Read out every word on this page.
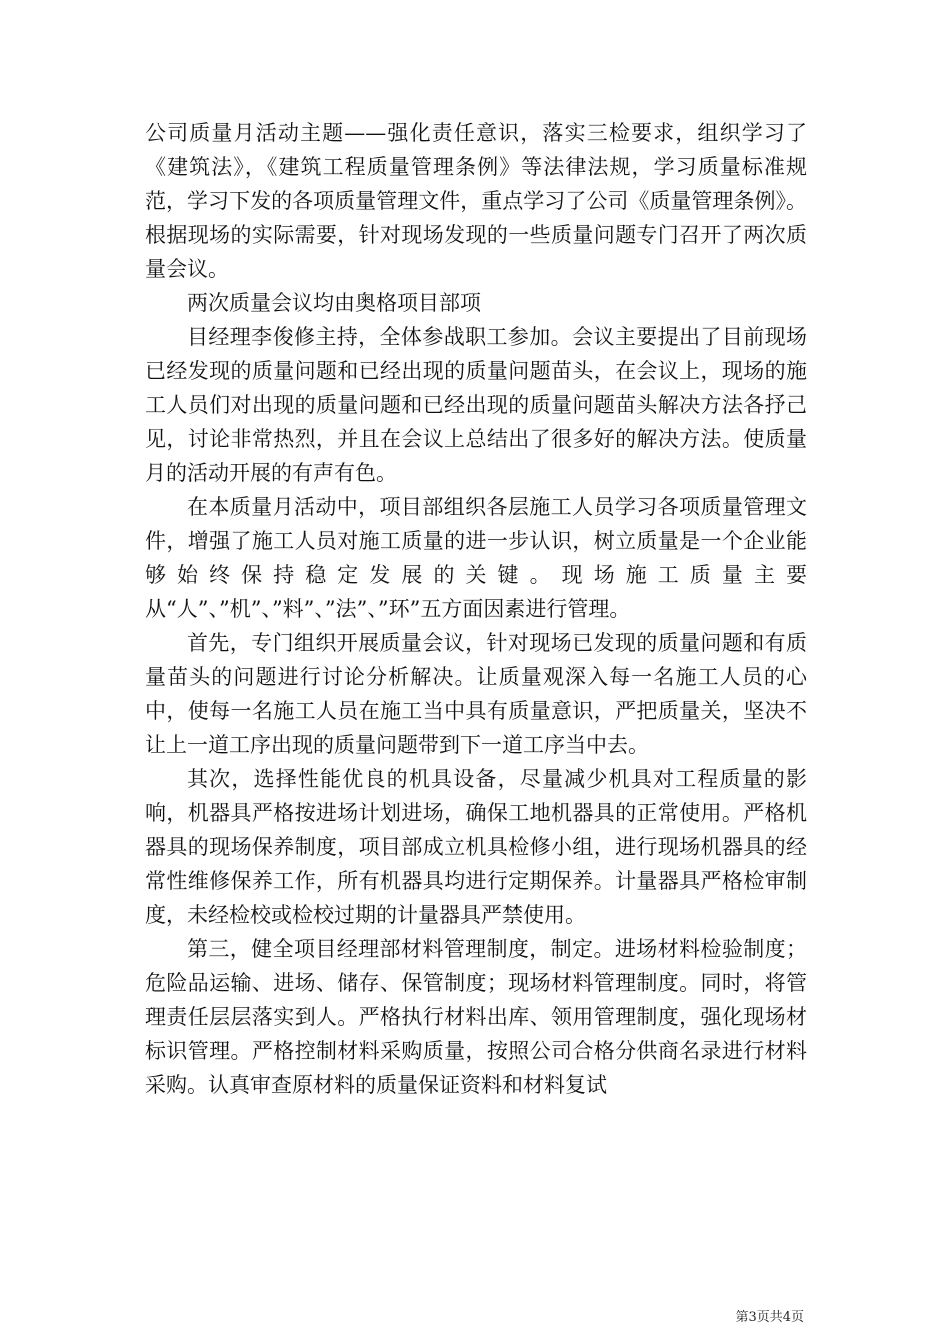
公司质量月活动主题——强化责任意识，落实三检要求，组织学习了《建筑法》，《建筑工程质量管理条例》等法律法规，学习质量标准规范，学习下发的各项质量管理文件，重点学习了公司《质量管理条例》。根据现场的实际需要，针对现场发现的一些质量问题专门召开了两次质量会议。

两次质量会议均由奥格项目部项

目经理李俊修主持，全体参战职工参加。会议主要提出了目前现场已经发现的质量问题和已经出现的质量问题苗头，在会议上，现场的施工人员们对出现的质量问题和已经出现的质量问题苗头解决方法各抒己见，讨论非常热烈，并且在会议上总结出了很多好的解决方法。使质量月的活动开展的有声有色。

在本质量月活动中，项目部组织各层施工人员学习各项质量管理文件，增强了施工人员对施工质量的进一步认识，树立质量是一个企业能够始终保持稳定发展的关键。现场施工质量主要从“人”、”机”、”料”、”法”、”环”五方面因素进行管理。

首先，专门组织开展质量会议，针对现场已发现的质量问题和有质量苗头的问题进行讨论分析解决。让质量观深入每一名施工人员的心中，使每一名施工人员在施工当中具有质量意识，严把质量关，坚决不让上一道工序出现的质量问题带到下一道工序当中去。

其次，选择性能优良的机具设备，尽量减少机具对工程质量的影响，机器具严格按进场计划进场，确保工地机器具的正常使用。严格机器具的现场保养制度，项目部成立机具检修小组，进行现场机器具的经常性维修保养工作，所有机器具均进行定期保养。计量器具严格检审制度，未经检校或检校过期的计量器具严禁使用。

第三，健全项目经理部材料管理制度，制定。进场材料检验制度；危险品运输、进场、储存、保管制度；现场材料管理制度。同时，将管理责任层层落实到人。严格执行材料出库、领用管理制度，强化现场材标识管理。严格控制材料采购质量，按照公司合格分供商名录进行材料采购。认真审查原材料的质量保证资料和材料复试

第3页共4页
